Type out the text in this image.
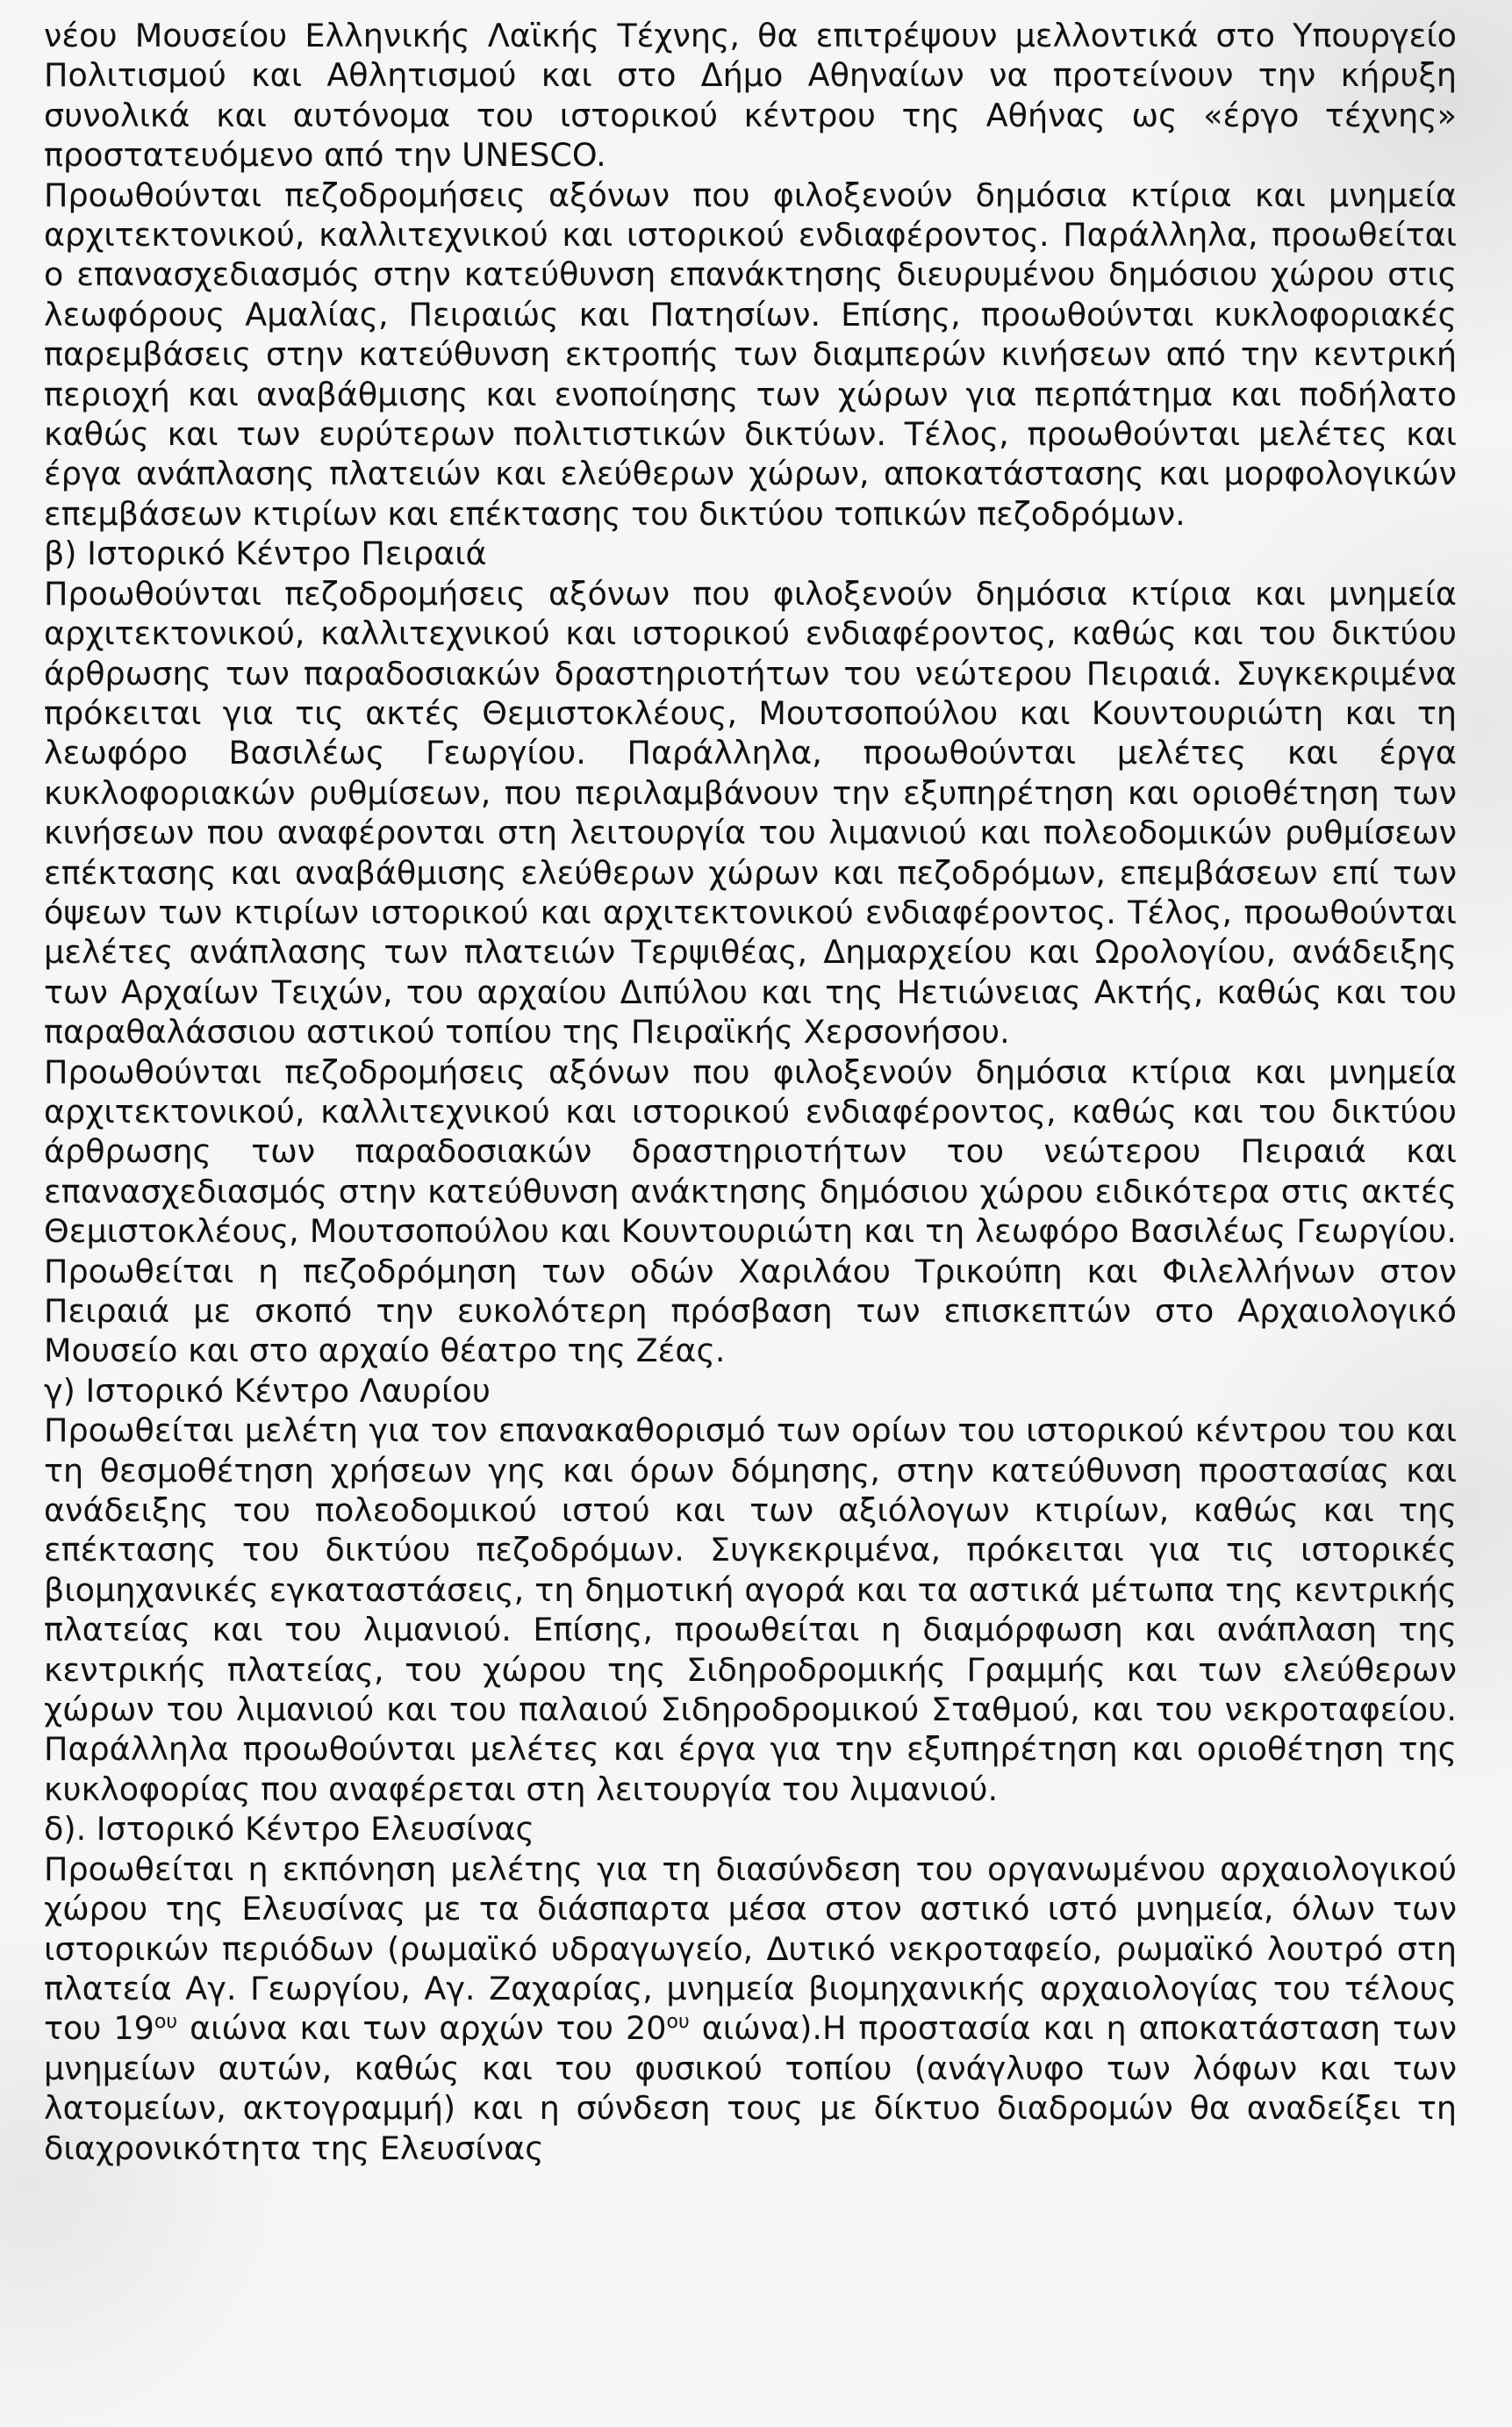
νέου Μουσείου Ελληνικής Λαϊκής Τέχνης, θα επιτρέψουν μελλοντικά στο Υπουργείο Πολιτισμού και Αθλητισμού και στο Δήμο Αθηναίων να προτείνουν την κήρυξη συνολικά και αυτόνομα του ιστορικού κέντρου της Αθήνας ως «έργο τέχνης» προστατευόμενο από την UNESCO.

Προωθούνται πεζοδρομήσεις αξόνων που φιλοξενούν δημόσια κτίρια και μνημεία αρχιτεκτονικού, καλλιτεχνικού και ιστορικού ενδιαφέροντος. Παράλληλα, προωθείται ο επανασχεδιασμός στην κατεύθυνση επανάκτησης διευρυμένου δημόσιου χώρου στις λεωφόρους Αμαλίας, Πειραιώς και Πατησίων. Επίσης, προωθούνται κυκλοφοριακές παρεμβάσεις στην κατεύθυνση εκτροπής των διαμπερών κινήσεων από την κεντρική περιοχή και αναβάθμισης και ενοποίησης των χώρων για περπάτημα και ποδήλατο καθώς και των ευρύτερων πολιτιστικών δικτύων. Τέλος, προωθούνται μελέτες και έργα ανάπλασης πλατειών και ελεύθερων χώρων, αποκατάστασης και μορφολογικών επεμβάσεων κτιρίων και επέκτασης του δικτύου τοπικών πεζοδρόμων.

β) Ιστορικό Κέντρο Πειραιά

Προωθούνται πεζοδρομήσεις αξόνων που φιλοξενούν δημόσια κτίρια και μνημεία αρχιτεκτονικού, καλλιτεχνικού και ιστορικού ενδιαφέροντος, καθώς και του δικτύου άρθρωσης των παραδοσιακών δραστηριοτήτων του νεώτερου Πειραιά. Συγκεκριμένα πρόκειται για τις ακτές Θεμιστοκλέους, Μουτσοπούλου και Κουντουριώτη και τη λεωφόρο Βασιλέως Γεωργίου. Παράλληλα, προωθούνται μελέτες και έργα κυκλοφοριακών ρυθμίσεων, που περιλαμβάνουν την εξυπηρέτηση και οριοθέτηση των κινήσεων που αναφέρονται στη λειτουργία του λιμανιού και πολεοδομικών ρυθμίσεων επέκτασης και αναβάθμισης ελεύθερων χώρων και πεζοδρόμων, επεμβάσεων επί των όψεων των κτιρίων ιστορικού και αρχιτεκτονικού ενδιαφέροντος. Τέλος, προωθούνται μελέτες ανάπλασης των πλατειών Τερψιθέας, Δημαρχείου και Ωρολογίου, ανάδειξης των Αρχαίων Τειχών, του αρχαίου Διπύλου και της Ηετιώνειας Ακτής, καθώς και του παραθαλάσσιου αστικού τοπίου της Πειραϊκής Χερσονήσου.

Προωθούνται πεζοδρομήσεις αξόνων που φιλοξενούν δημόσια κτίρια και μνημεία αρχιτεκτονικού, καλλιτεχνικού και ιστορικού ενδιαφέροντος, καθώς και του δικτύου άρθρωσης των παραδοσιακών δραστηριοτήτων του νεώτερου Πειραιά και επανασχεδιασμός στην κατεύθυνση ανάκτησης δημόσιου χώρου ειδικότερα στις ακτές Θεμιστοκλέους, Μουτσοπούλου και Κουντουριώτη και τη λεωφόρο Βασιλέως Γεωργίου. Προωθείται η πεζοδρόμηση των οδών Χαριλάου Τρικούπη και Φιλελλήνων στον Πειραιά με σκοπό την ευκολότερη πρόσβαση των επισκεπτών στο Αρχαιολογικό Μουσείο και στο αρχαίο θέατρο της Ζέας.

γ) Ιστορικό Κέντρο Λαυρίου

Προωθείται μελέτη για τον επανακαθορισμό των ορίων του ιστορικού κέντρου του και τη θεσμοθέτηση χρήσεων γης και όρων δόμησης, στην κατεύθυνση προστασίας και ανάδειξης του πολεοδομικού ιστού και των αξιόλογων κτιρίων, καθώς και της επέκτασης του δικτύου πεζοδρόμων. Συγκεκριμένα, πρόκειται για τις ιστορικές βιομηχανικές εγκαταστάσεις, τη δημοτική αγορά και τα αστικά μέτωπα της κεντρικής πλατείας και του λιμανιού. Επίσης, προωθείται η διαμόρφωση και ανάπλαση της κεντρικής πλατείας, του χώρου της Σιδηροδρομικής Γραμμής και των ελεύθερων χώρων του λιμανιού και του παλαιού Σιδηροδρομικού Σταθμού, και του νεκροταφείου. Παράλληλα προωθούνται μελέτες και έργα για την εξυπηρέτηση και οριοθέτηση της κυκλοφορίας που αναφέρεται στη λειτουργία του λιμανιού.

δ). Ιστορικό Κέντρο Ελευσίνας

Προωθείται η εκπόνηση μελέτης για τη διασύνδεση του οργανωμένου αρχαιολογικού χώρου της Ελευσίνας με τα διάσπαρτα μέσα στον αστικό ιστό μνημεία, όλων των ιστορικών περιόδων (ρωμαϊκό υδραγωγείο, Δυτικό νεκροταφείο, ρωμαϊκό λουτρό στη πλατεία Αγ. Γεωργίου, Αγ. Ζαχαρίας, μνημεία βιομηχανικής αρχαιολογίας του τέλους του $19^{o\upsilon}$ αιώνα και των αρχών του $20^{o\upsilon}$ αιώνα).Η προστασία και η αποκατάσταση των μνημείων αυτών, καθώς και του φυσικού τοπίου (ανάγλυφο των λόφων και των λατομείων, ακτογραμμή) και η σύνδεση τους με δίκτυο διαδρομών θα αναδείξει τη διαχρονικότητα της Ελευσίνας
